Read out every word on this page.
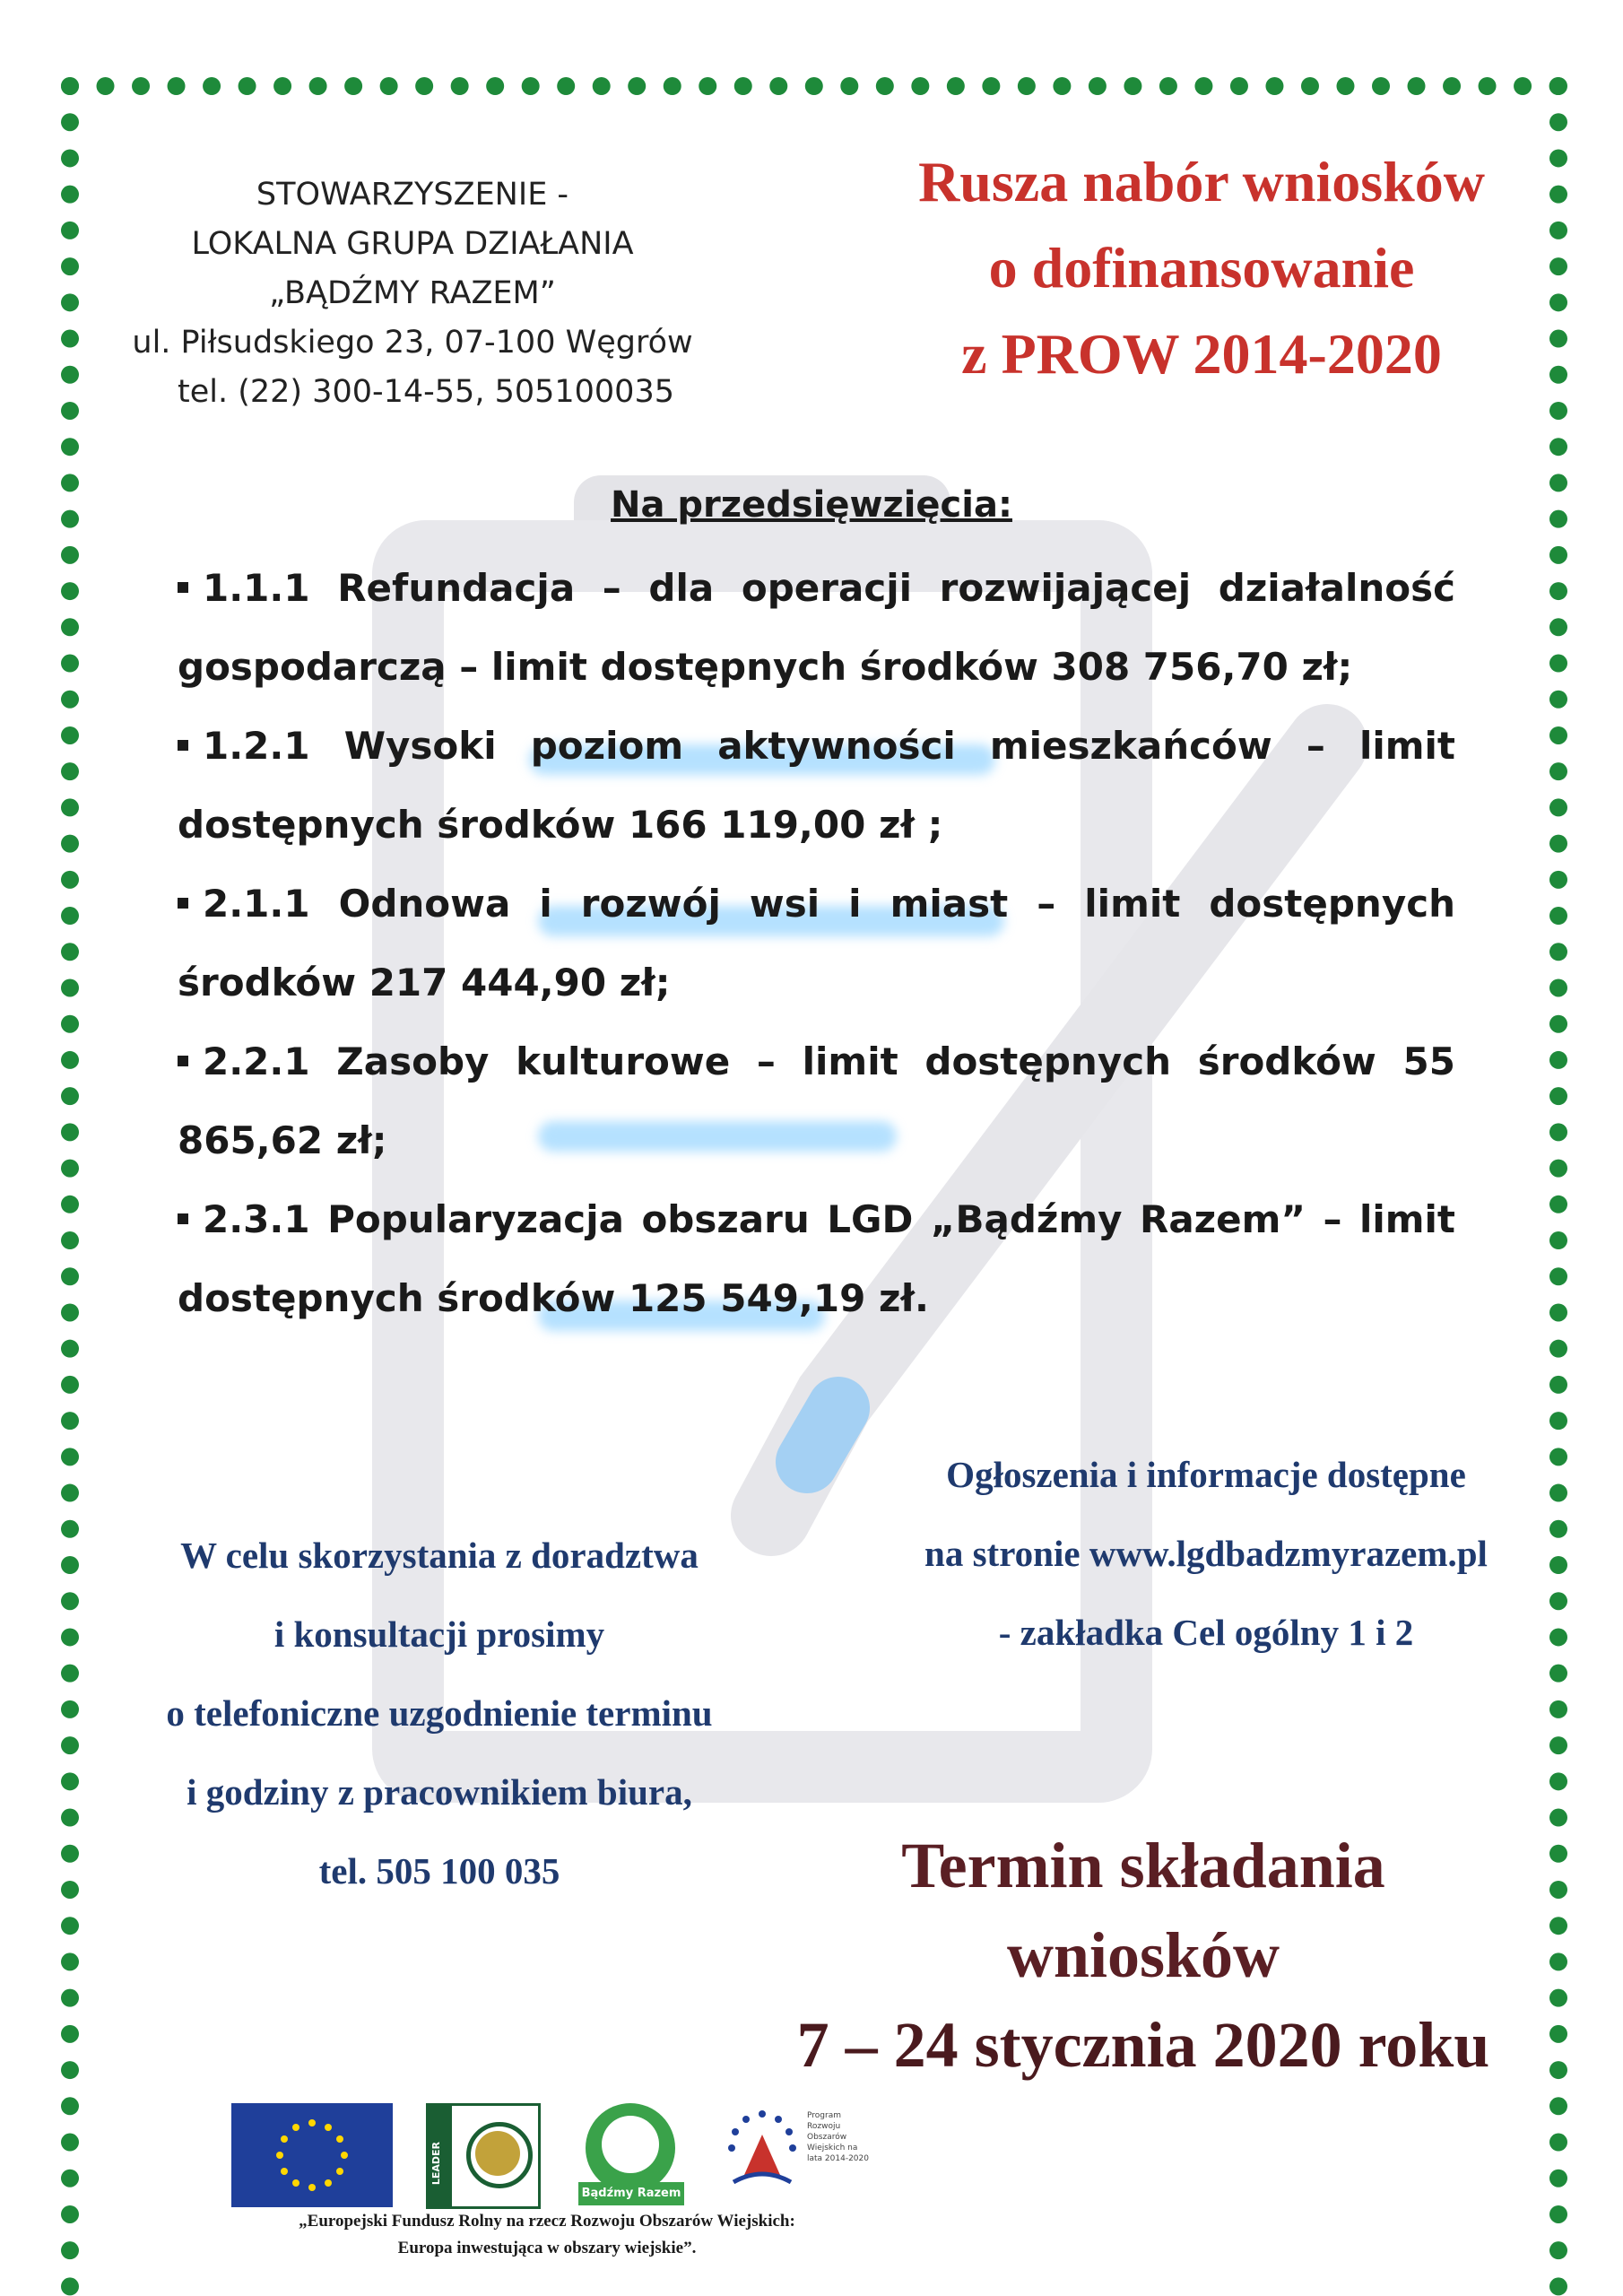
STOWARZYSZENIE -
LOKALNA GRUPA DZIAŁANIA
„BĄDŹMY RAZEM”
ul. Piłsudskiego 23, 07-100 Węgrów
tel. (22) 300-14-55, 505100035
Rusza nabór wniosków
o dofinansowanie
z PROW 2014-2020
Na przedsięwzięcia:
1.1.1 Refundacja – dla operacji rozwijającej działalność gospodarczą – limit dostępnych środków 308 756,70 zł;
1.2.1 Wysoki poziom aktywności mieszkańców – limit dostępnych środków 166 119,00 zł ;
2.1.1 Odnowa i rozwój wsi i miast – limit dostępnych środków 217 444,90 zł;
2.2.1 Zasoby kulturowe – limit dostępnych środków 55 865,62 zł;
2.3.1 Popularyzacja obszaru LGD „Bądźmy Razem” – limit dostępnych środków 125 549,19 zł.
Ogłoszenia i informacje dostępne
na stronie www.lgdbadzmyrazem.pl
- zakładka Cel ogólny 1 i 2
W celu skorzystania z doradztwa
i konsultacji prosimy
o telefoniczne uzgodnienie terminu
i godziny z pracownikiem biura,
tel. 505 100 035	Termin składania
wniosków
7 – 24 stycznia 2020 roku
LEADER
Bądźmy Razem
Program Rozwoju Obszarów Wiejskich na lata 2014-2020
„Europejski Fundusz Rolny na rzecz Rozwoju Obszarów Wiejskich:
Europa inwestująca w obszary wiejskie”.
